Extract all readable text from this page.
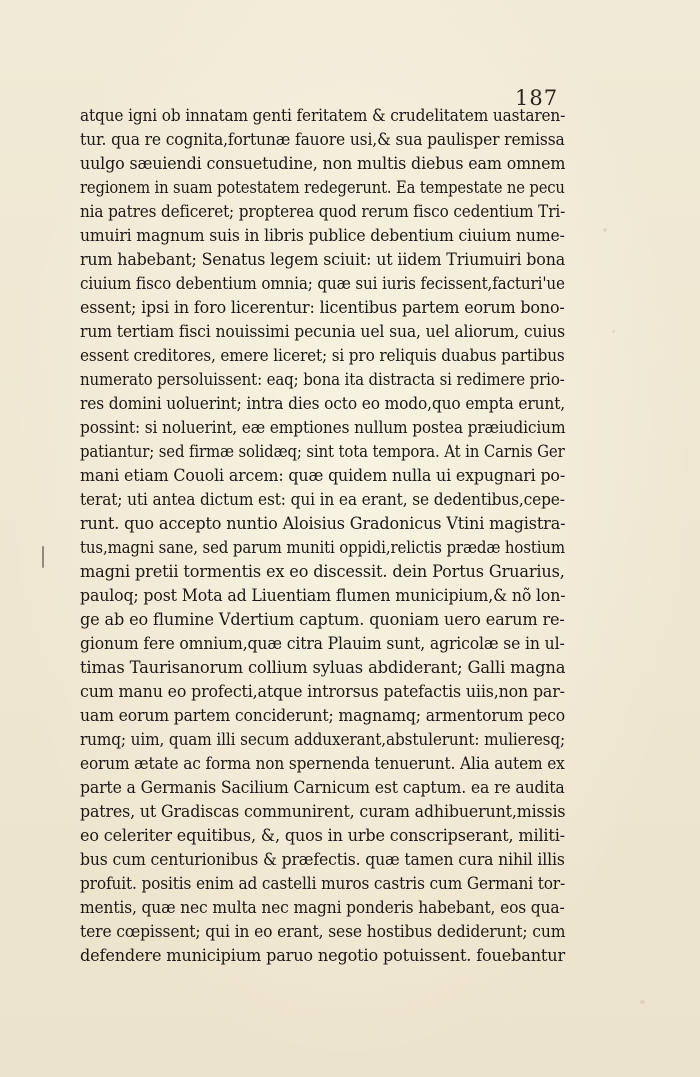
187
atque igni ob innatam genti feritatem & crudelitatem uastaren-
tur. qua re cognita,fortunæ fauore usi,& sua paulisper remissa
uulgo sæuiendi consuetudine, non multis diebus eam omnem
regionem in suam potestatem redegerunt. Ea tempestate ne pecu
nia patres deficeret; propterea quod rerum fisco cedentium Tri-
umuiri magnum suis in libris publice debentium ciuium nume-
rum habebant; Senatus legem sciuit: ut iidem Triumuiri bona
ciuium fisco debentium omnia; quæ sui iuris fecissent,facturi'ue
essent; ipsi in foro licerentur: licentibus partem eorum bono-
rum tertiam fisci nouissimi pecunia uel sua, uel aliorum, cuius
essent creditores, emere liceret; si pro reliquis duabus partibus
numerato persoluissent: eaq; bona ita distracta si redimere prio-
res domini uoluerint; intra dies octo eo modo,quo empta erunt,
possint: si noluerint, eæ emptiones nullum postea præiudicium
patiantur; sed firmæ solidæq; sint tota tempora. At in Carnis Ger
mani etiam Couoli arcem: quæ quidem nulla ui expugnari po-
terat; uti antea dictum est: qui in ea erant, se dedentibus,cepe-
runt. quo accepto nuntio Aloisius Gradonicus Vtini magistra-
tus,magni sane, sed parum muniti oppidi,relictis prædæ hostium
magni pretii tormentis ex eo discessit. dein Portus Gruarius,
pauloq; post Mota ad Liuentiam flumen municipium,& nõ lon-
ge ab eo flumine Vdertium captum. quoniam uero earum re-
gionum fere omnium,quæ citra Plauim sunt, agricolæ se in ul-
timas Taurisanorum collium syluas abdiderant; Galli magna
cum manu eo profecti,atque introrsus patefactis uiis,non par-
uam eorum partem conciderunt; magnamq; armentorum peco
rumq; uim, quam illi secum adduxerant,abstulerunt: mulieresq;
eorum ætate ac forma non spernenda tenuerunt. Alia autem ex
parte a Germanis Sacilium Carnicum est captum. ea re audita
patres, ut Gradiscas communirent, curam adhibuerunt,missis
eo celeriter equitibus, &, quos in urbe conscripserant, militi-
bus cum centurionibus & præfectis. quæ tamen cura nihil illis
profuit. positis enim ad castelli muros castris cum Germani tor-
mentis, quæ nec multa nec magni ponderis habebant, eos qua-
tere cœpissent; qui in eo erant, sese hostibus dediderunt; cum
defendere municipium paruo negotio potuissent. fouebantur
